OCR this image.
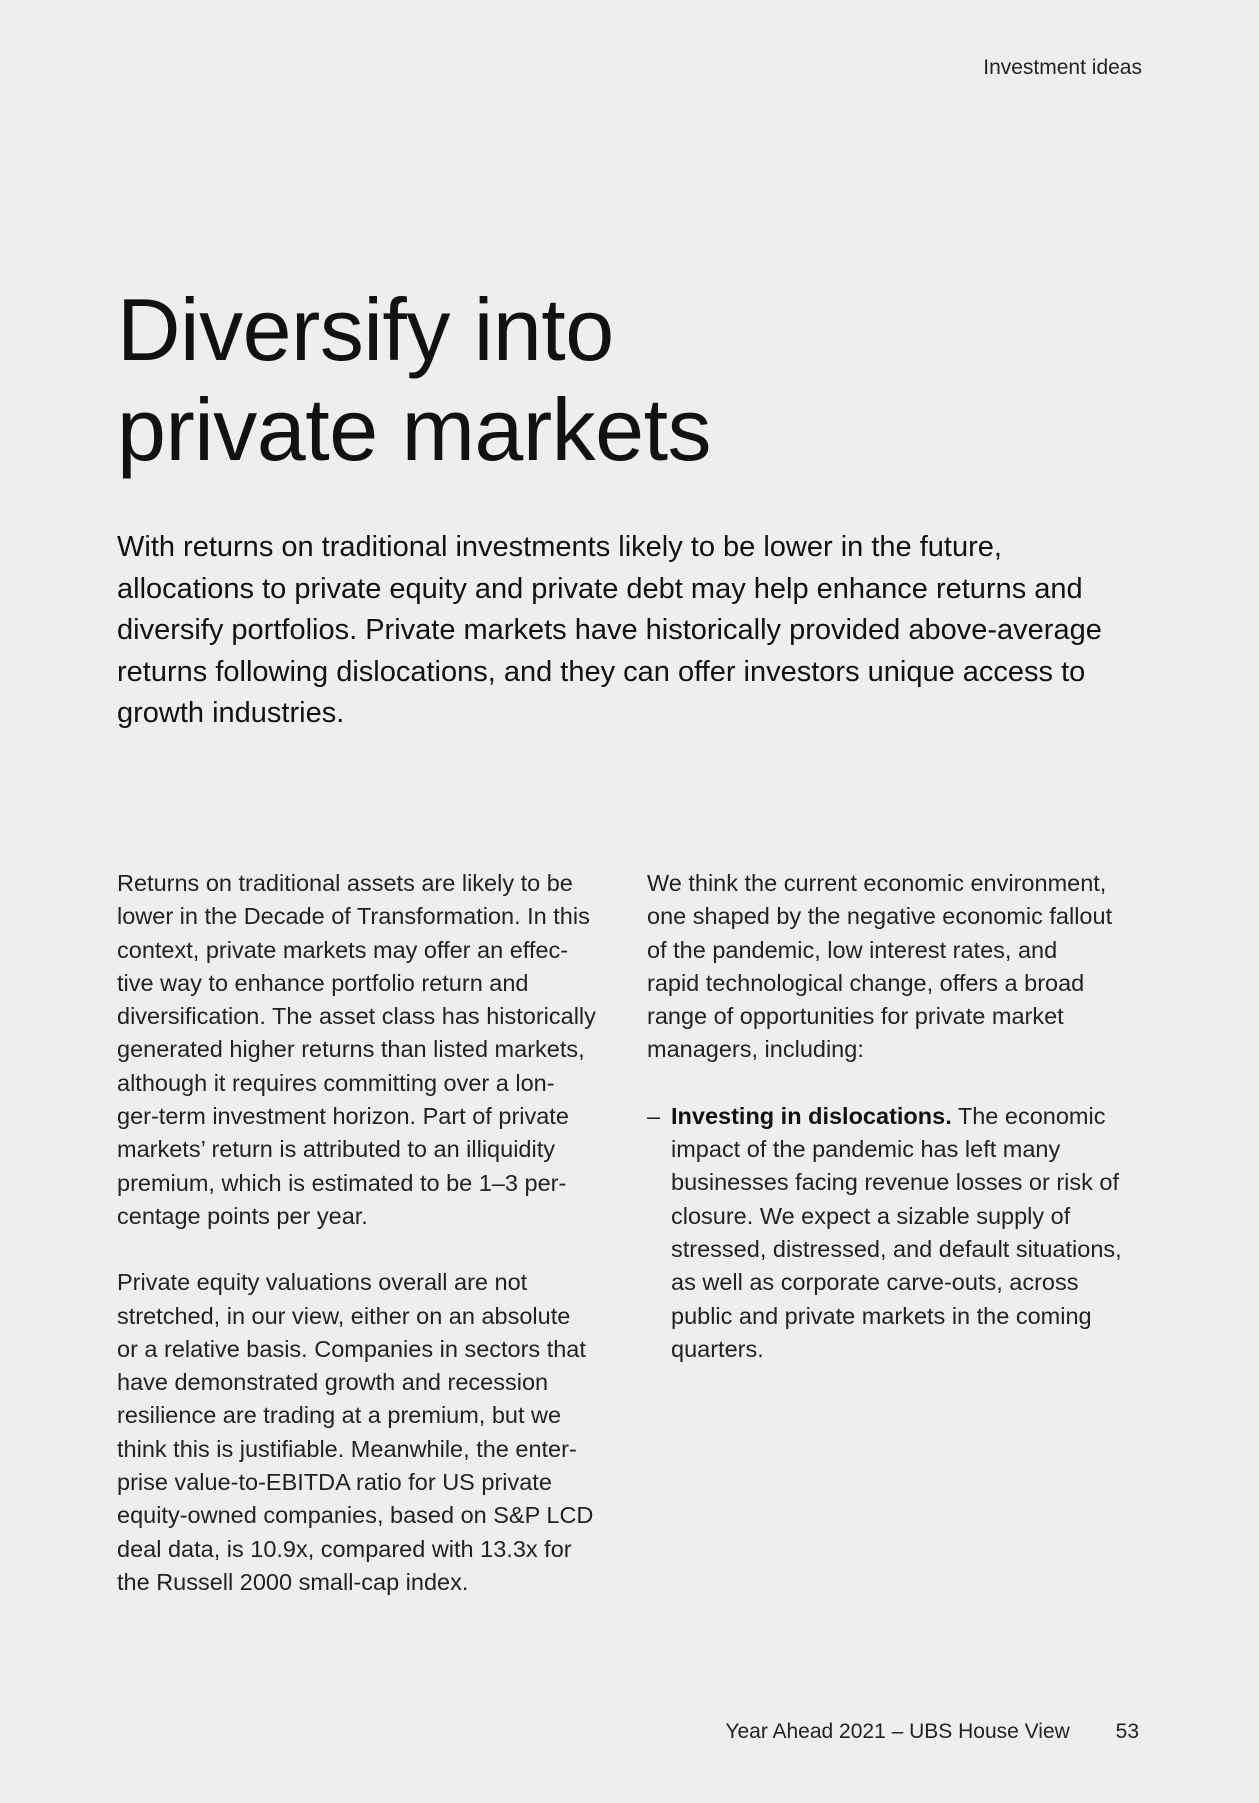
Investment ideas
Diversify into
private markets
With returns on traditional investments likely to be lower in the future,
allocations to private equity and private debt may help enhance returns and
diversify portfolios. Private markets have historically provided above-average
returns following dislocations, and they can offer investors unique access to
growth industries.
Returns on traditional assets are likely to be
lower in the Decade of Transformation. In this
context, private markets may offer an effec-
tive way to enhance portfolio return and
diversification. The asset class has historically
generated higher returns than listed markets,
although it requires committing over a lon-
ger-term investment horizon. Part of private
markets’ return is attributed to an illiquidity
premium, which is estimated to be 1–3 per-
centage points per year.
Private equity valuations overall are not
stretched, in our view, either on an absolute
or a relative basis. Companies in sectors that
have demonstrated growth and recession
resilience are trading at a premium, but we
think this is justifiable. Meanwhile, the enter-
prise value-to-EBITDA ratio for US private
equity-owned companies, based on S&P LCD
deal data, is 10.9x, compared with 13.3x for
the Russell 2000 small-cap index.
We think the current economic environment,
one shaped by the negative economic fallout
of the pandemic, low interest rates, and
rapid technological change, offers a broad
range of opportunities for private market
managers, including:
– Investing in dislocations. The economic
impact of the pandemic has left many
businesses facing revenue losses or risk of
closure. We expect a sizable supply of
stressed, distressed, and default situations,
as well as corporate carve-outs, across
public and private markets in the coming
quarters.
Year Ahead 2021 – UBS House View 53
